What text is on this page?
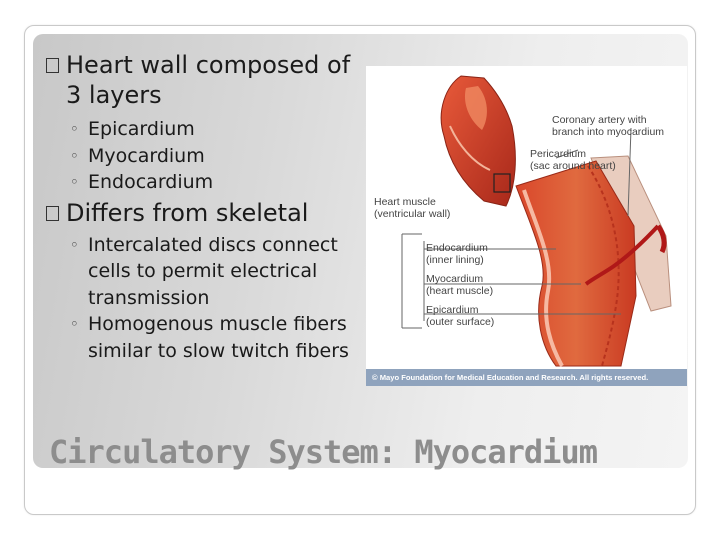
Heart wall composed of 3 layers

◦ Epicardium

◦ Myocardium

◦ Endocardium

Differs from skeletal

◦ Intercalated discs connect cells to permit electrical transmission

◦ Homogenous muscle fibers similar to slow twitch fibers

Coronary artery with
branch into myocardium
Pericardium
(sac around heart)
Heart muscle
(ventricular wall)
Endocardium
(inner lining)
Myocardium
(heart muscle)
Epicardium
(outer surface)
© Mayo Foundation for Medical Education and Research. All rights reserved.
Circulatory System: Myocardium
